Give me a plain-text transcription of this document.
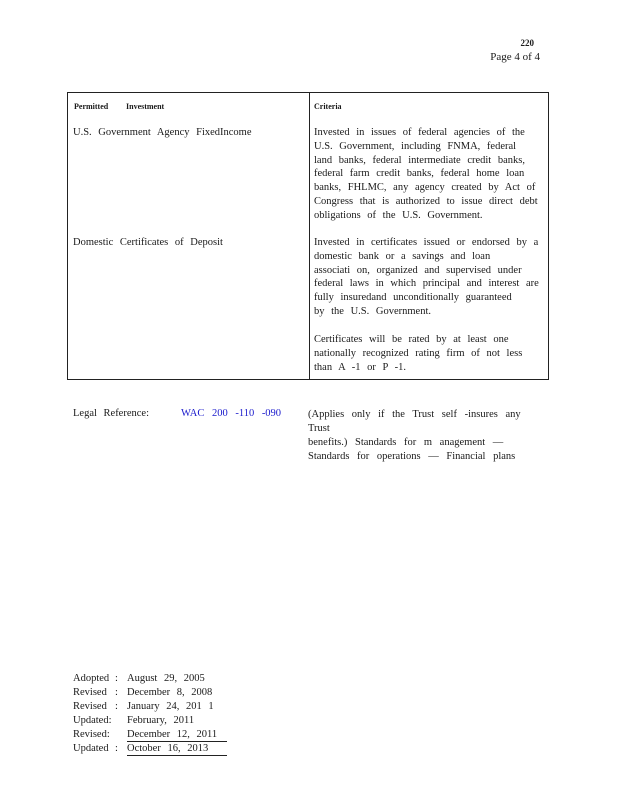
220
Page 4 of 4
Permitted Investment	Criteria
U.S. Government Agency FixedIncome	Invested in issues of federal agencies of the
U.S. Government, including FNMA, federal
land banks, federal intermediate credit banks,
federal farm credit banks, federal home loan
banks, FHLMC, any agency created by Act of
Congress that is authorized to issue direct debt
obligations of the U.S. Government.
Domestic Certificates of Deposit	Invested in certificates issued or endorsed by a
domestic bank or a savings and loan
associati on, organized and supervised under
federal laws in which principal and interest are
fully insuredand unconditionally guaranteed
by the U.S. Government.
Certificates will be rated by at least one
nationally recognized rating firm of not less
than A -1 or P -1.
Legal Reference:	WAC 200 -110 -090	(Applies only if the Trust self -insures any Trust
benefits.) Standards for m anagement —
Standards for operations — Financial plans
Adopted : August 29, 2005
Revised : December 8, 2008
Revised : January 24, 201 1
Updated:	February, 2011
Revised:	December 12, 2011
Updated : October 16, 2013
